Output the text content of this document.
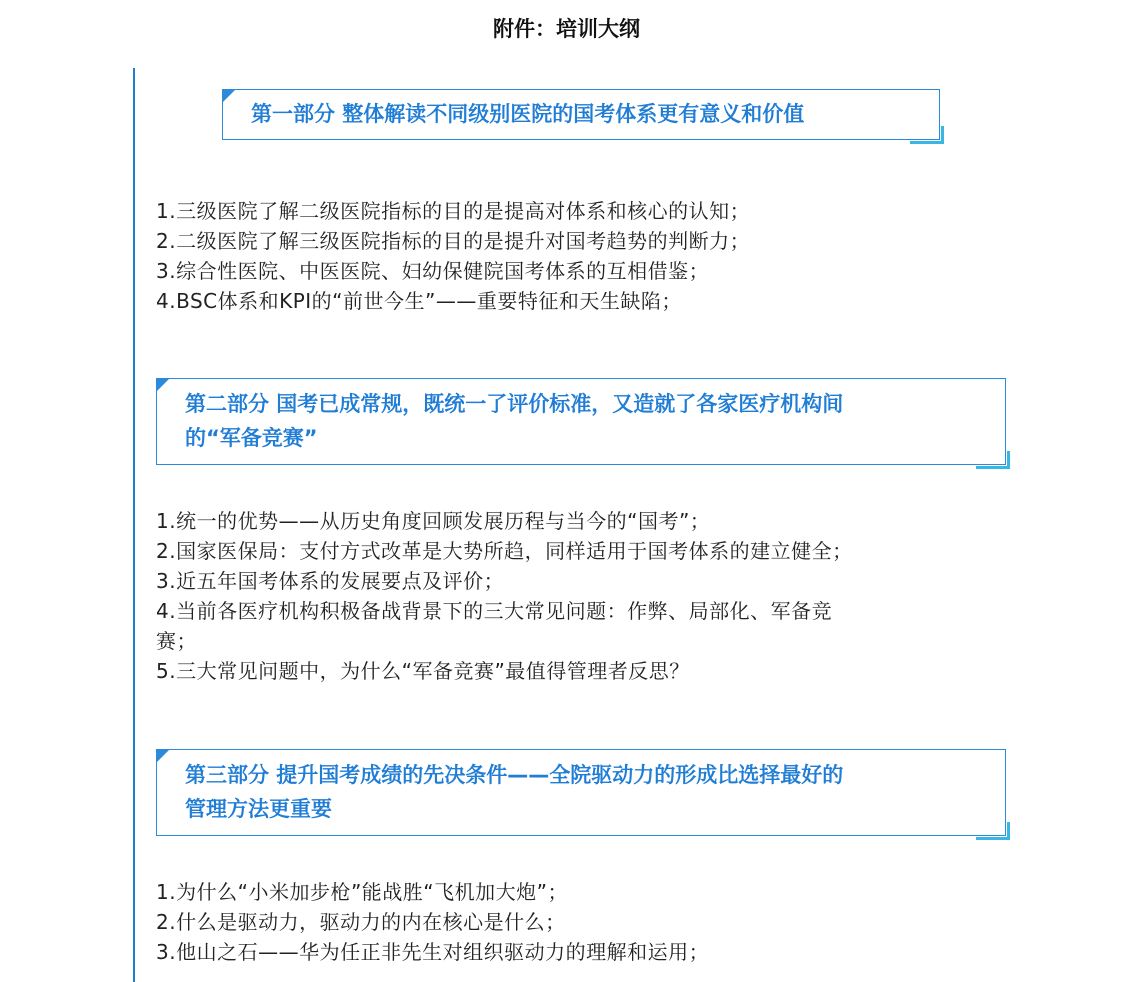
附件：培训大纲
第一部分 整体解读不同级别医院的国考体系更有意义和价值
1.三级医院了解二级医院指标的目的是提高对体系和核心的认知；
2.二级医院了解三级医院指标的目的是提升对国考趋势的判断力；
3.综合性医院、中医医院、妇幼保健院国考体系的互相借鉴；
4.BSC体系和KPI的“前世今生”——重要特征和天生缺陷；
第二部分 国考已成常规，既统一了评价标准，又造就了各家医疗机构间
的“军备竞赛”
1.统一的优势——从历史角度回顾发展历程与当今的“国考”；
2.国家医保局：支付方式改革是大势所趋，同样适用于国考体系的建立健全；
3.近五年国考体系的发展要点及评价；
4.当前各医疗机构积极备战背景下的三大常见问题：作弊、局部化、军备竞
赛；
5.三大常见问题中，为什么“军备竞赛”最值得管理者反思？
第三部分 提升国考成绩的先决条件——全院驱动力的形成比选择最好的
管理方法更重要
1.为什么“小米加步枪”能战胜“飞机加大炮”；
2.什么是驱动力，驱动力的内在核心是什么；
3.他山之石——华为任正非先生对组织驱动力的理解和运用；
